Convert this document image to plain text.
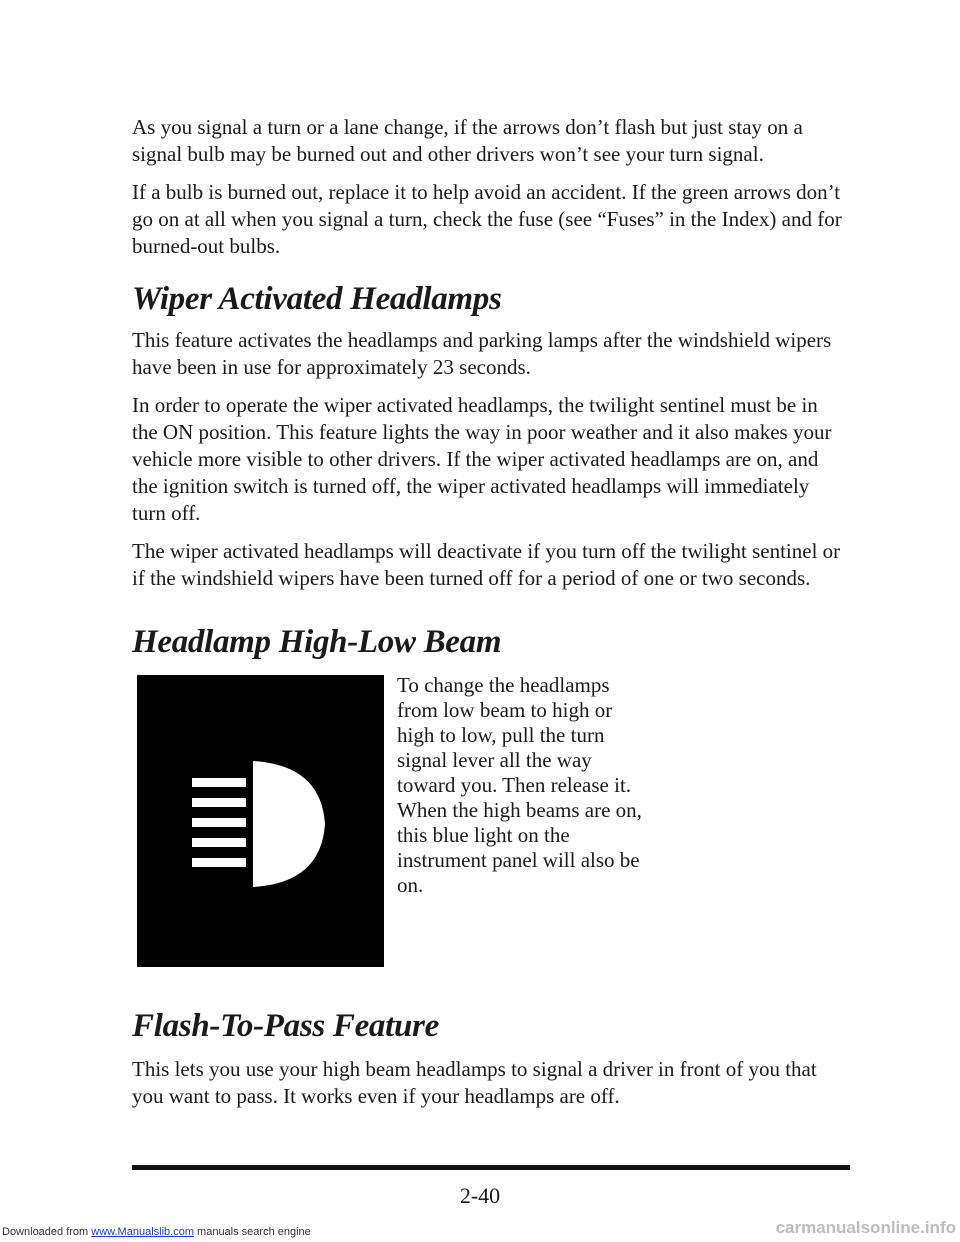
As you signal a turn or a lane change, if the arrows don’t flash but just stay on a signal bulb may be burned out and other drivers won’t see your turn signal.

If a bulb is burned out, replace it to help avoid an accident. If the green arrows don’t go on at all when you signal a turn, check the fuse (see “Fuses” in the Index) and for burned-out bulbs.

Wiper Activated Headlamps

This feature activates the headlamps and parking lamps after the windshield wipers have been in use for approximately 23 seconds.

In order to operate the wiper activated headlamps, the twilight sentinel must be in the ON position. This feature lights the way in poor weather and it also makes your vehicle more visible to other drivers. If the wiper activated headlamps are on, and the ignition switch is turned off, the wiper activated headlamps will immediately turn off.

The wiper activated headlamps will deactivate if you turn off the twilight sentinel or if the windshield wipers have been turned off for a period of one or two seconds.

Headlamp High-Low Beam

To change the headlamps from low beam to high or high to low, pull the turn signal lever all the way toward you. Then release it. When the high beams are on, this blue light on the instrument panel will also be on.

Flash-To-Pass Feature

This lets you use your high beam headlamps to signal a driver in front of you that you want to pass. It works even if your headlamps are off.

2-40
Downloaded from www.Manualslib.com manuals search engine	carmanualsonline.info
